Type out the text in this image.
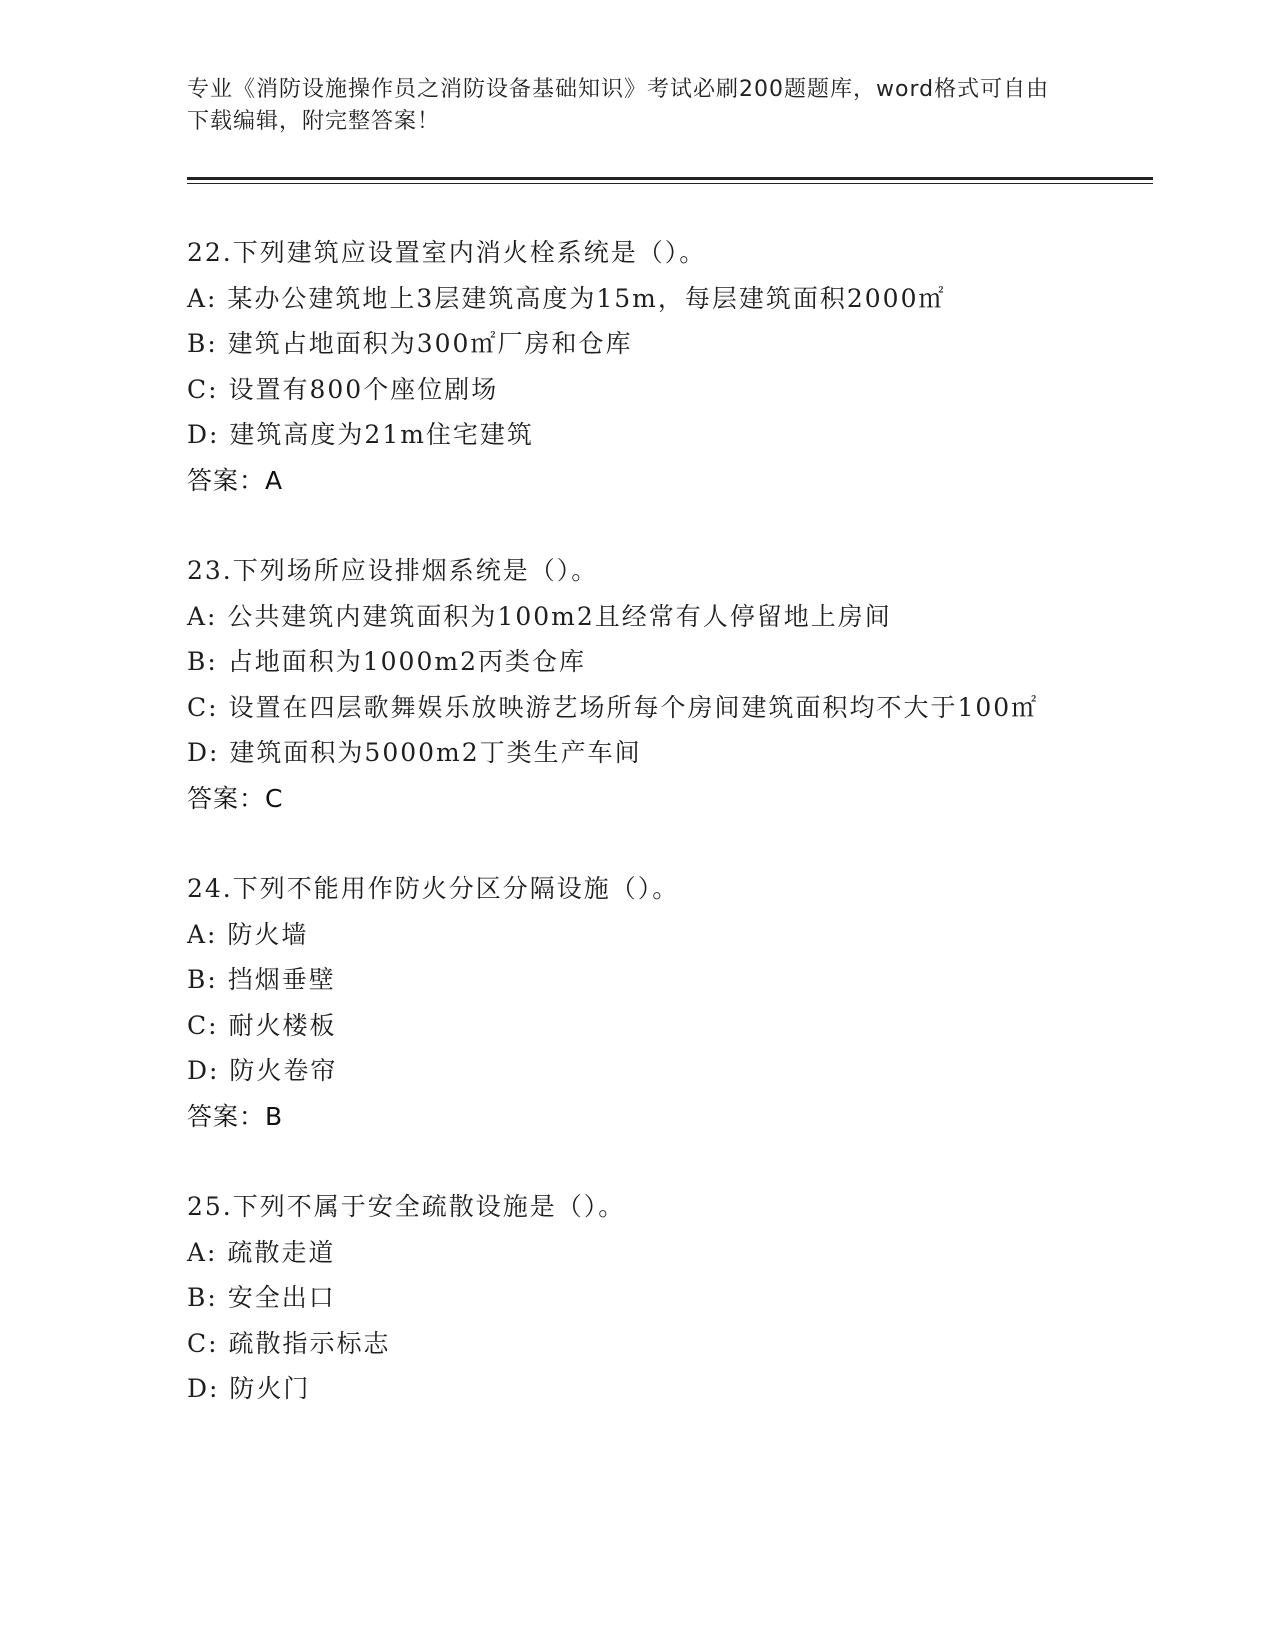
专业《消防设施操作员之消防设备基础知识》考试必刷200题题库，word格式可自由下载编辑，附完整答案！
22.下列建筑应设置室内消火栓系统是（）。
A: 某办公建筑地上3层建筑高度为15m，每层建筑面积2000㎡
B: 建筑占地面积为300㎡厂房和仓库
C: 设置有800个座位剧场
D: 建筑高度为21m住宅建筑
答案：A
23.下列场所应设排烟系统是（）。
A: 公共建筑内建筑面积为100m2且经常有人停留地上房间
B: 占地面积为1000m2丙类仓库
C: 设置在四层歌舞娱乐放映游艺场所每个房间建筑面积均不大于100㎡
D: 建筑面积为5000m2丁类生产车间
答案：C
24.下列不能用作防火分区分隔设施（）。
A: 防火墙
B: 挡烟垂壁
C: 耐火楼板
D: 防火卷帘
答案：B
25.下列不属于安全疏散设施是（）。
A: 疏散走道
B: 安全出口
C: 疏散指示标志
D: 防火门
